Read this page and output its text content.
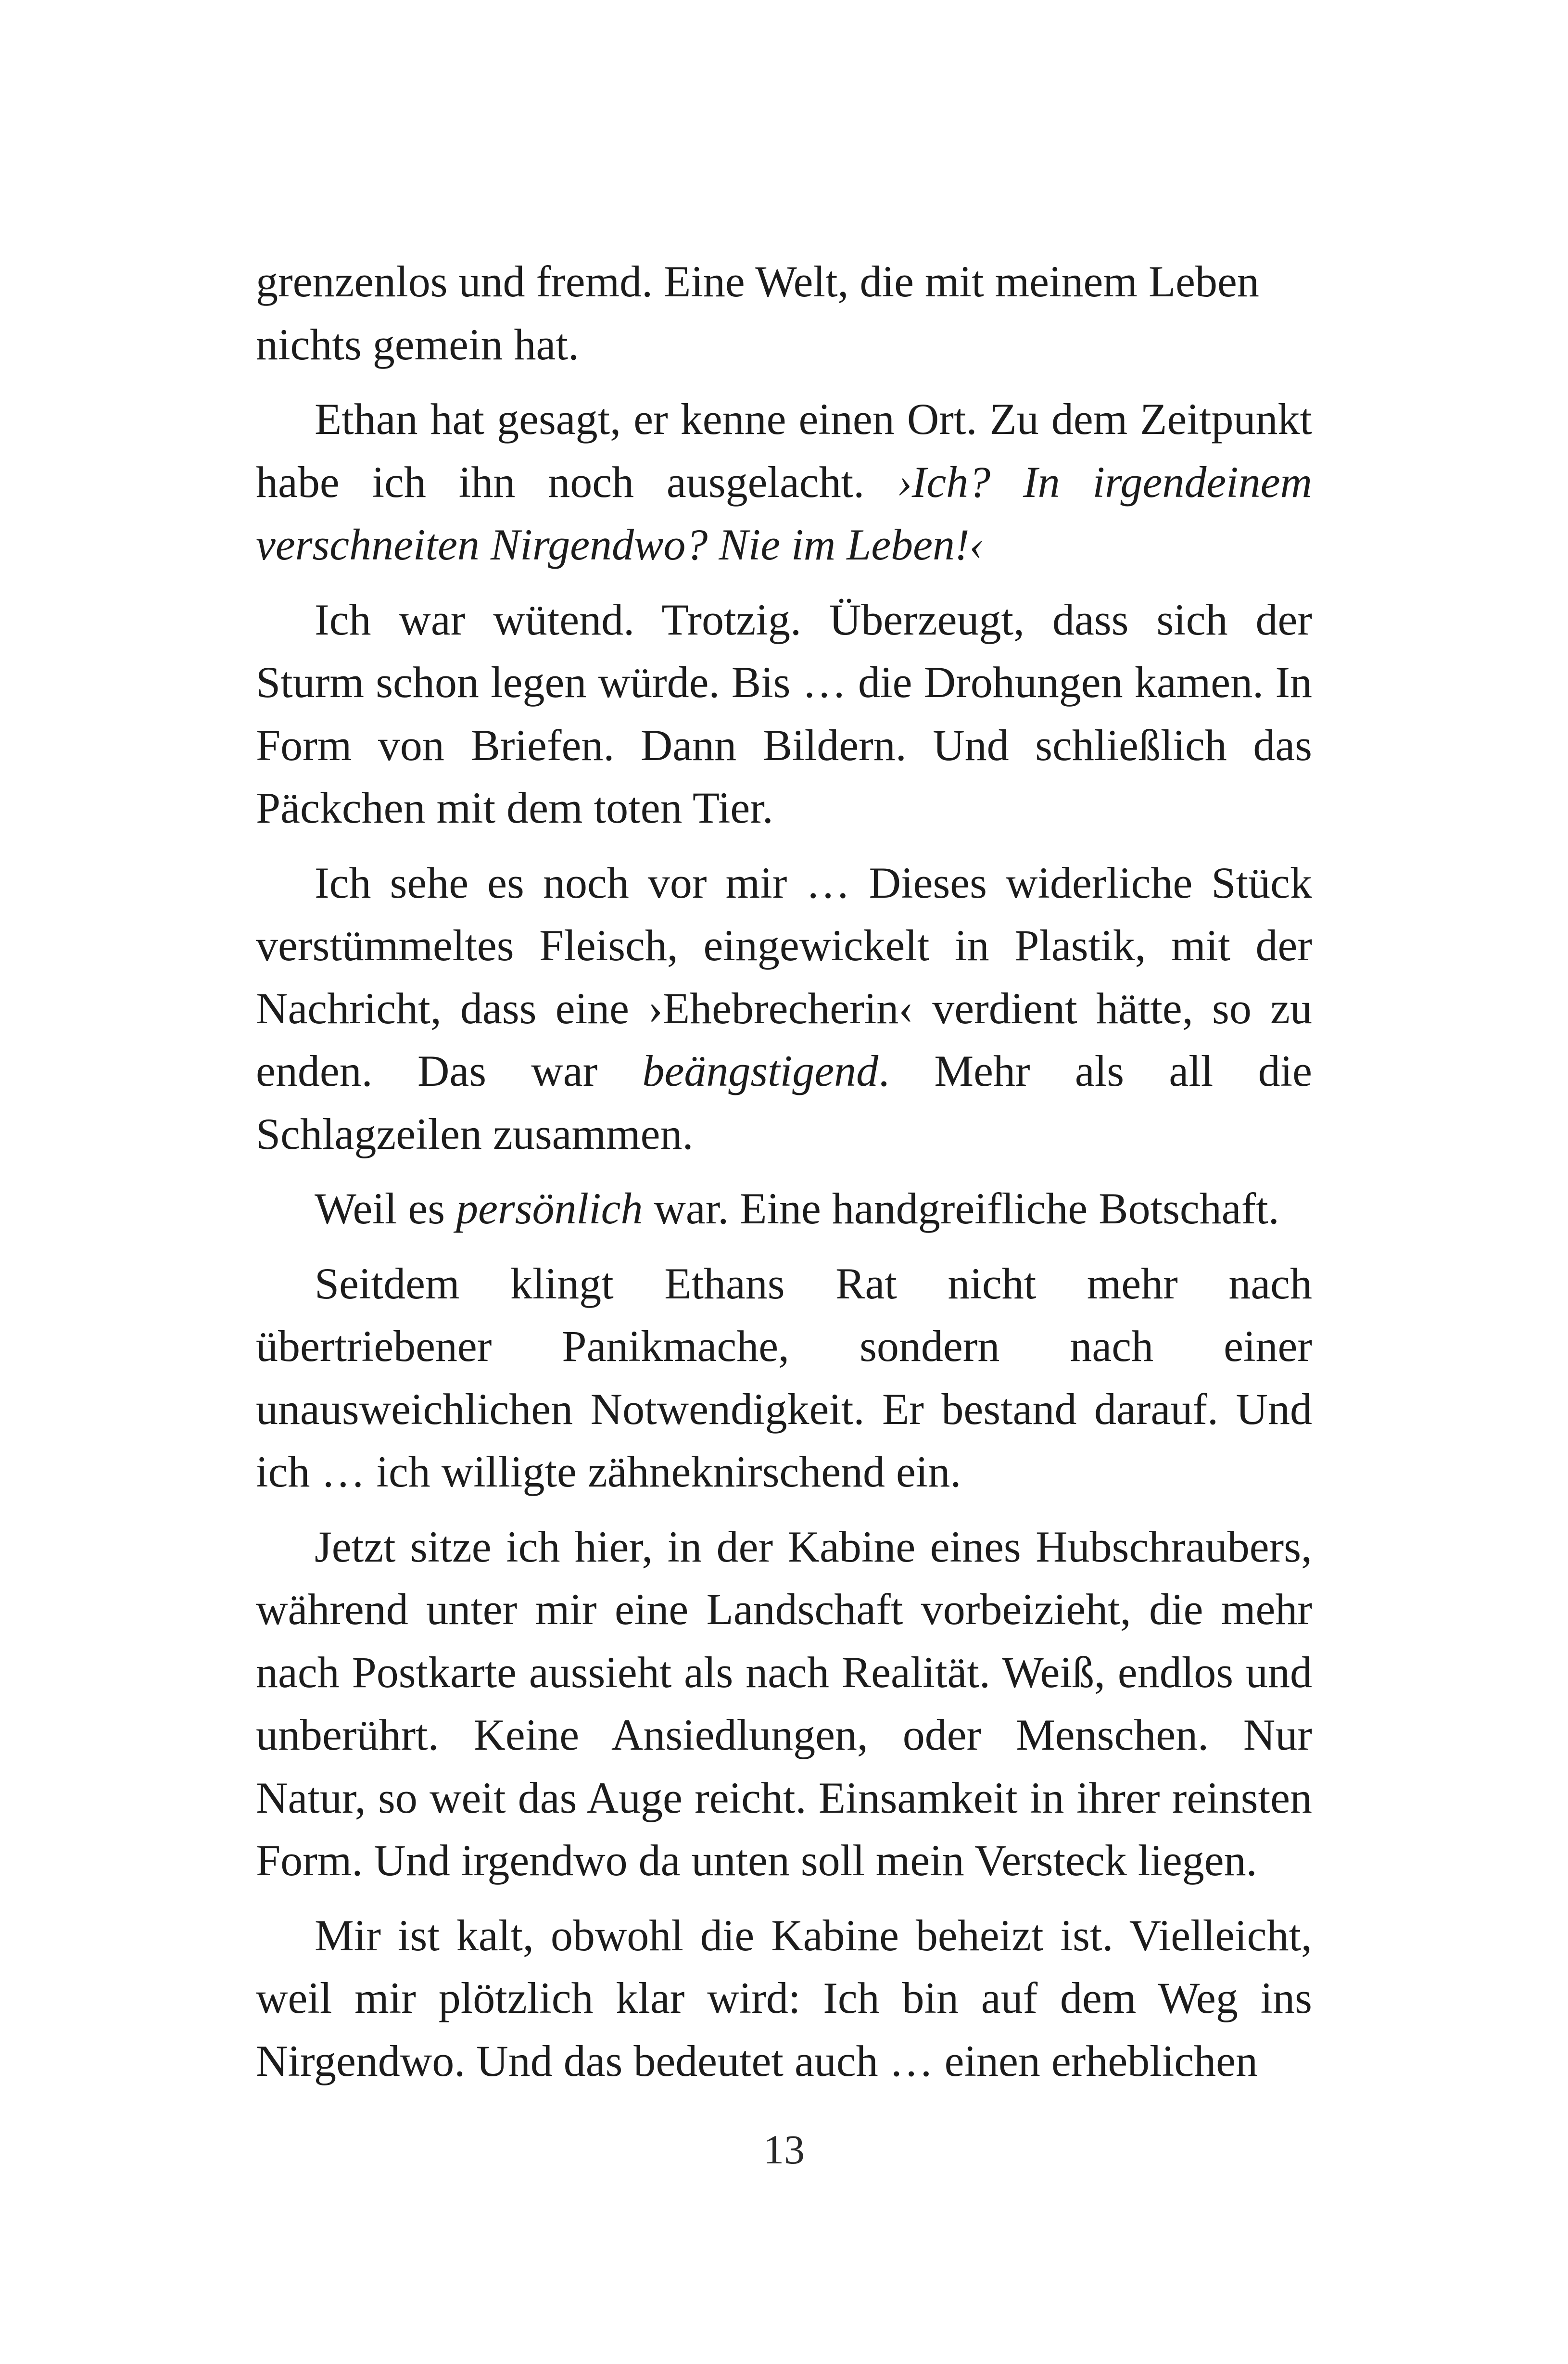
grenzenlos und fremd. Eine Welt, die mit meinem Leben
nichts gemein hat.

Ethan hat gesagt, er kenne einen Ort. Zu dem Zeitpunkt habe ich ihn noch ausgelacht. ›Ich? In irgendeinem verschneiten Nirgendwo? Nie im Leben!‹

Ich war wütend. Trotzig. Überzeugt, dass sich der Sturm schon legen würde. Bis … die Drohungen kamen. In Form von Briefen. Dann Bildern. Und schließlich das Päckchen mit dem toten Tier.

Ich sehe es noch vor mir … Dieses widerliche Stück verstümmeltes Fleisch, eingewickelt in Plastik, mit der Nachricht, dass eine ›Ehebrecherin‹ verdient hätte, so zu enden. Das war beängstigend. Mehr als all die Schlagzeilen zusammen.

Weil es persönlich war. Eine handgreifliche Botschaft.

Seitdem klingt Ethans Rat nicht mehr nach übertriebener Panikmache, sondern nach einer unausweichlichen Notwendigkeit. Er bestand darauf. Und ich … ich willigte zähneknirschend ein.

Jetzt sitze ich hier, in der Kabine eines Hubschraubers, während unter mir eine Landschaft vorbeizieht, die mehr nach Postkarte aussieht als nach Realität. Weiß, endlos und unberührt. Keine Ansiedlungen, oder Menschen. Nur Natur, so weit das Auge reicht. Einsamkeit in ihrer reinsten Form. Und irgendwo da unten soll mein Versteck liegen.

Mir ist kalt, obwohl die Kabine beheizt ist. Vielleicht, weil mir plötzlich klar wird: Ich bin auf dem Weg ins Nirgendwo. Und das bedeutet auch … einen erheblichen

13
